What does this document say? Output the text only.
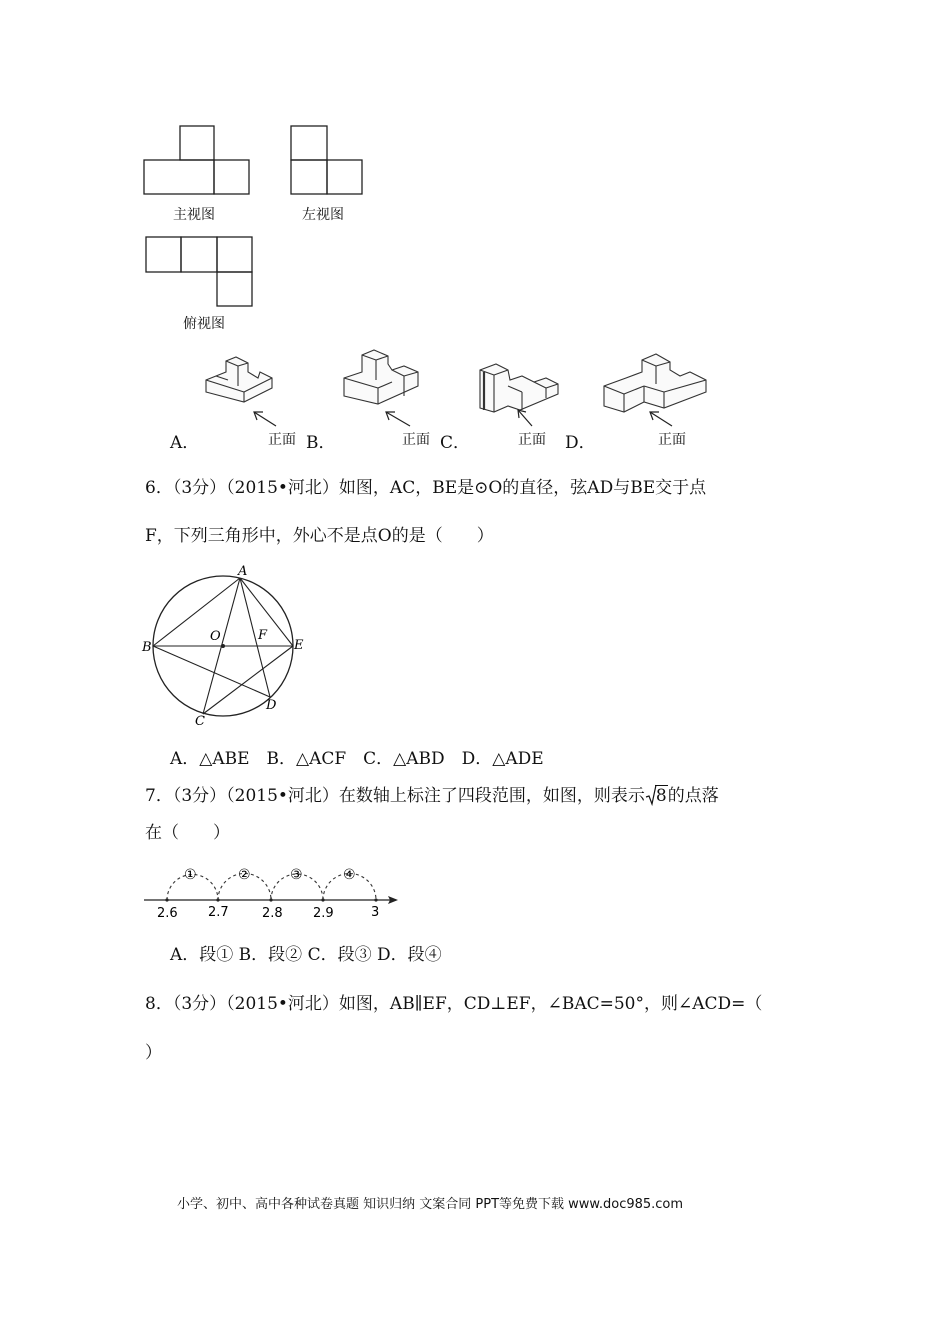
主视图	左视图
俯视图
A．	正面 B．	正面 C．	正面 D．	正面
6．（3分）（2015•河北）如图，AC，BE是⊙O的直径，弦AD与BE交于点
F，下列三角形中，外心不是点O的是（　　）
A
B
C
D
E
F
O
A．△ABE　B．△ACF　C．△ABD　D．△ADE
7．（3分）（2015•河北）在数轴上标注了四段范围，如图，则表示 8的点落
在（　　）
2.6 2.7	2.8 2.9	3
①	②	③	④
A．段① B．段② C．段③ D．段④
8．（3分）（2015•河北）如图，AB∥EF，CD⊥EF，∠BAC=50°，则∠ACD=（
）
小学、初中、高中各种试卷真题 知识归纳 文案合同 PPT等免费下载 www.doc985.com
